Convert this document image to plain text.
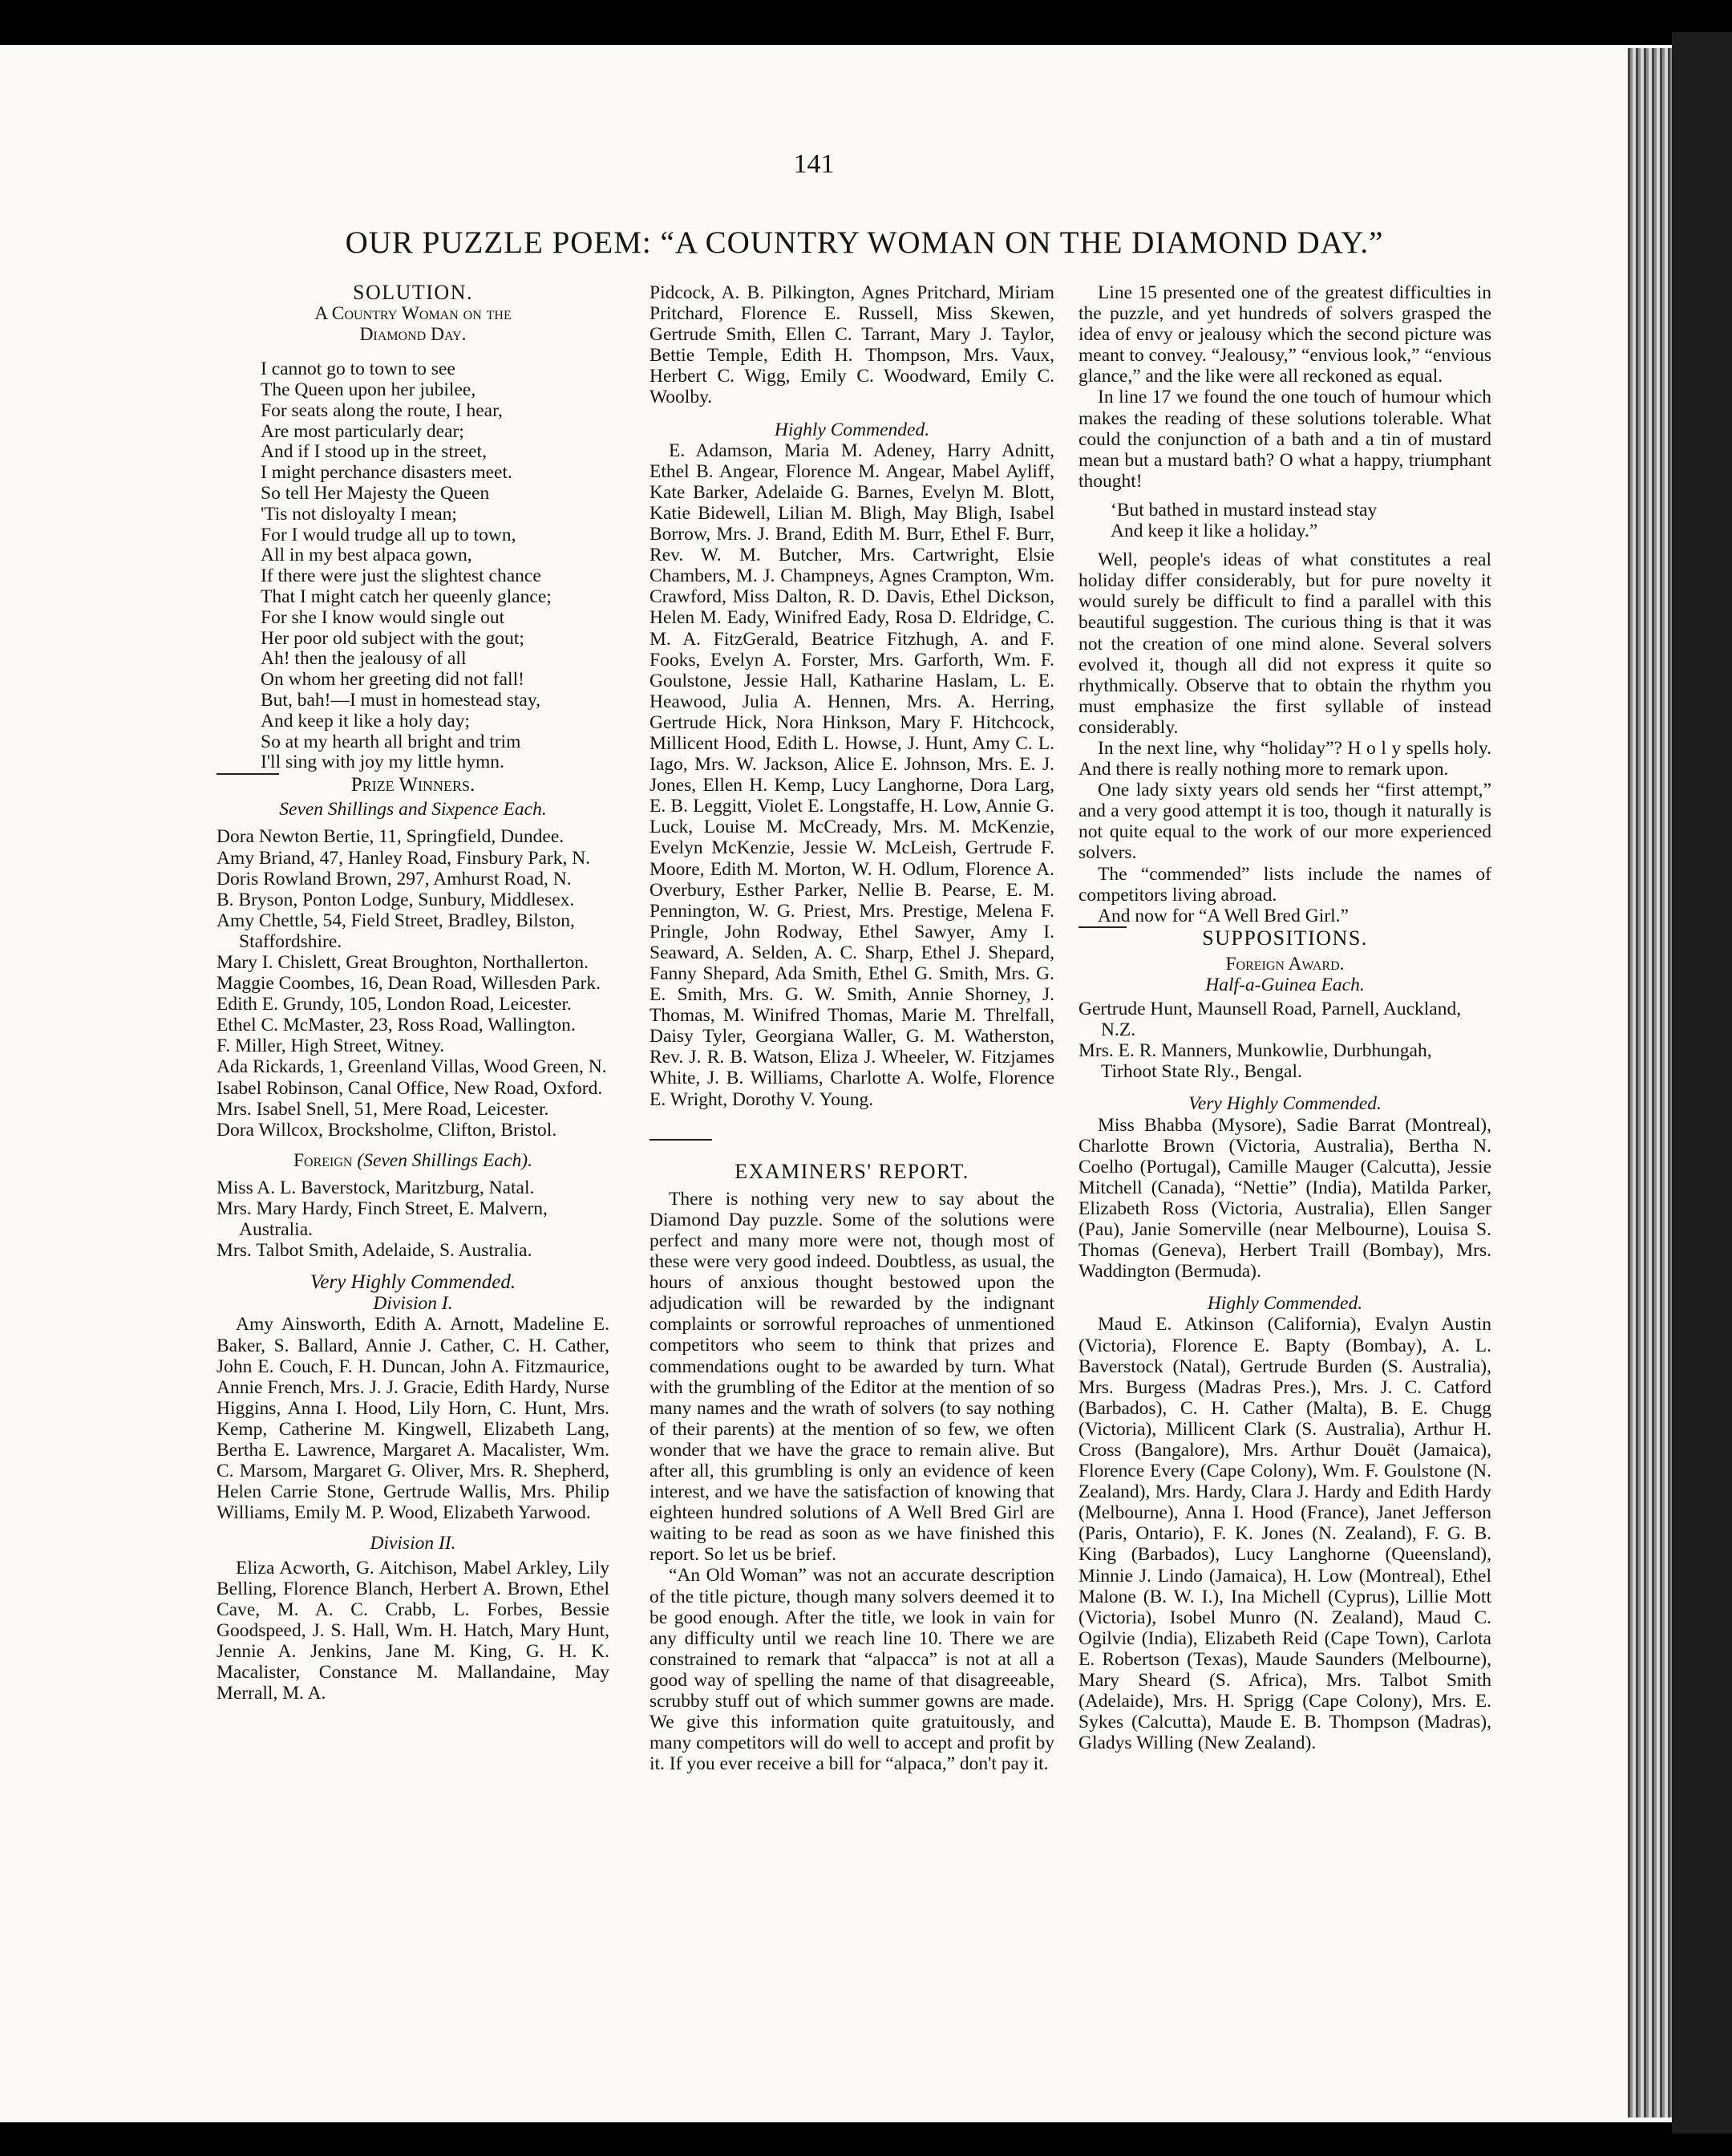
141
OUR PUZZLE POEM: “A COUNTRY WOMAN ON THE DIAMOND DAY.”
SOLUTION.
A Country Woman on the
Diamond Day.
I cannot go to town to see
The Queen upon her jubilee,
For seats along the route, I hear,
Are most particularly dear;
And if I stood up in the street,
I might perchance disasters meet.
So tell Her Majesty the Queen
'Tis not disloyalty I mean;
For I would trudge all up to town,
All in my best alpaca gown,
If there were just the slightest chance
That I might catch her queenly glance;
For she I know would single out
Her poor old subject with the gout;
Ah! then the jealousy of all
On whom her greeting did not fall!
But, bah!—I must in homestead stay,
And keep it like a holy day;
So at my hearth all bright and trim
I'll sing with joy my little hymn.
Prize Winners.
Seven Shillings and Sixpence Each.
Dora Newton Bertie, 11, Springfield, Dundee.
Amy Briand, 47, Hanley Road, Finsbury Park, N.
Doris Rowland Brown, 297, Amhurst Road, N.
B. Bryson, Ponton Lodge, Sunbury, Middlesex.
Amy Chettle, 54, Field Street, Bradley, Bilston, Staffordshire.
Mary I. Chislett, Great Broughton, Northallerton.
Maggie Coombes, 16, Dean Road, Willesden Park.
Edith E. Grundy, 105, London Road, Leicester.
Ethel C. McMaster, 23, Ross Road, Wallington.
F. Miller, High Street, Witney.
Ada Rickards, 1, Greenland Villas, Wood Green, N.
Isabel Robinson, Canal Office, New Road, Oxford.
Mrs. Isabel Snell, 51, Mere Road, Leicester.
Dora Willcox, Brocksholme, Clifton, Bristol.
Foreign (Seven Shillings Each).
Miss A. L. Baverstock, Maritzburg, Natal.
Mrs. Mary Hardy, Finch Street, E. Malvern, Australia.
Mrs. Talbot Smith, Adelaide, S. Australia.
Very Highly Commended.
Division I.

Amy Ainsworth, Edith A. Arnott, Madeline E. Baker, S. Ballard, Annie J. Cather, C. H. Cather, John E. Couch, F. H. Duncan, John A. Fitzmaurice, Annie French, Mrs. J. J. Gracie, Edith Hardy, Nurse Higgins, Anna I. Hood, Lily Horn, C. Hunt, Mrs. Kemp, Catherine M. Kingwell, Elizabeth Lang, Bertha E. Lawrence, Margaret A. Macalister, Wm. C. Marsom, Margaret G. Oliver, Mrs. R. Shepherd, Helen Carrie Stone, Gertrude Wallis, Mrs. Philip Williams, Emily M. P. Wood, Elizabeth Yarwood.

Division II.

Eliza Acworth, G. Aitchison, Mabel Arkley, Lily Belling, Florence Blanch, Herbert A. Brown, Ethel Cave, M. A. C. Crabb, L. Forbes, Bessie Goodspeed, J. S. Hall, Wm. H. Hatch, Mary Hunt, Jennie A. Jenkins, Jane M. King, G. H. K. Macalister, Constance M. Mallandaine, May Merrall, M. A.

Pidcock, A. B. Pilkington, Agnes Pritchard, Miriam Pritchard, Florence E. Russell, Miss Skewen, Gertrude Smith, Ellen C. Tarrant, Mary J. Taylor, Bettie Temple, Edith H. Thompson, Mrs. Vaux, Herbert C. Wigg, Emily C. Woodward, Emily C. Woolby.

Highly Commended.

E. Adamson, Maria M. Adeney, Harry Adnitt, Ethel B. Angear, Florence M. Angear, Mabel Ayliff, Kate Barker, Adelaide G. Barnes, Evelyn M. Blott, Katie Bidewell, Lilian M. Bligh, May Bligh, Isabel Borrow, Mrs. J. Brand, Edith M. Burr, Ethel F. Burr, Rev. W. M. Butcher, Mrs. Cartwright, Elsie Chambers, M. J. Champneys, Agnes Crampton, Wm. Crawford, Miss Dalton, R. D. Davis, Ethel Dickson, Helen M. Eady, Winifred Eady, Rosa D. Eldridge, C. M. A. FitzGerald, Beatrice Fitzhugh, A. and F. Fooks, Evelyn A. Forster, Mrs. Garforth, Wm. F. Goulstone, Jessie Hall, Katharine Haslam, L. E. Heawood, Julia A. Hennen, Mrs. A. Herring, Gertrude Hick, Nora Hinkson, Mary F. Hitchcock, Millicent Hood, Edith L. Howse, J. Hunt, Amy C. L. Iago, Mrs. W. Jackson, Alice E. Johnson, Mrs. E. J. Jones, Ellen H. Kemp, Lucy Langhorne, Dora Larg, E. B. Leggitt, Violet E. Longstaffe, H. Low, Annie G. Luck, Louise M. McCready, Mrs. M. McKenzie, Evelyn McKenzie, Jessie W. McLeish, Gertrude F. Moore, Edith M. Morton, W. H. Odlum, Florence A. Overbury, Esther Parker, Nellie B. Pearse, E. M. Pennington, W. G. Priest, Mrs. Prestige, Melena F. Pringle, John Rodway, Ethel Sawyer, Amy I. Seaward, A. Selden, A. C. Sharp, Ethel J. Shepard, Fanny Shepard, Ada Smith, Ethel G. Smith, Mrs. G. E. Smith, Mrs. G. W. Smith, Annie Shorney, J. Thomas, M. Winifred Thomas, Marie M. Threlfall, Daisy Tyler, Georgiana Waller, G. M. Watherston, Rev. J. R. B. Watson, Eliza J. Wheeler, W. Fitzjames White, J. B. Williams, Charlotte A. Wolfe, Florence E. Wright, Dorothy V. Young.

EXAMINERS' REPORT.

There is nothing very new to say about the Diamond Day puzzle. Some of the solutions were perfect and many more were not, though most of these were very good indeed. Doubtless, as usual, the hours of anxious thought bestowed upon the adjudication will be rewarded by the indignant complaints or sorrowful reproaches of unmentioned competitors who seem to think that prizes and commendations ought to be awarded by turn. What with the grumbling of the Editor at the mention of so many names and the wrath of solvers (to say nothing of their parents) at the mention of so few, we often wonder that we have the grace to remain alive. But after all, this grumbling is only an evidence of keen interest, and we have the satisfaction of knowing that eighteen hundred solutions of A Well Bred Girl are waiting to be read as soon as we have finished this report. So let us be brief.

“An Old Woman” was not an accurate description of the title picture, though many solvers deemed it to be good enough. After the title, we look in vain for any difficulty until we reach line 10. There we are constrained to remark that “alpacca” is not at all a good way of spelling the name of that disagreeable, scrubby stuff out of which summer gowns are made. We give this information quite gratuitously, and many competitors will do well to accept and profit by it. If you ever receive a bill for “alpaca,” don't pay it.

Line 15 presented one of the greatest difficulties in the puzzle, and yet hundreds of solvers grasped the idea of envy or jealousy which the second picture was meant to convey. “Jealousy,” “envious look,” “envious glance,” and the like were all reckoned as equal.

In line 17 we found the one touch of humour which makes the reading of these solutions tolerable. What could the conjunction of a bath and a tin of mustard mean but a mustard bath? O what a happy, triumphant thought!

‘But bathed in mustard instead stay
And keep it like a holiday.”

Well, people's ideas of what constitutes a real holiday differ considerably, but for pure novelty it would surely be difficult to find a parallel with this beautiful suggestion. The curious thing is that it was not the creation of one mind alone. Several solvers evolved it, though all did not express it quite so rhythmically. Observe that to obtain the rhythm you must emphasize the first syllable of instead considerably.

In the next line, why “holiday”? H o l y spells holy. And there is really nothing more to remark upon.

One lady sixty years old sends her “first attempt,” and a very good attempt it is too, though it naturally is not quite equal to the work of our more experienced solvers.

The “commended” lists include the names of competitors living abroad.

And now for “A Well Bred Girl.”

SUPPOSITIONS.
Foreign Award.
Half-a-Guinea Each.
Gertrude Hunt, Maunsell Road, Parnell, Auckland, N.Z.
Mrs. E. R. Manners, Munkowlie, Durbhungah, Tirhoot State Rly., Bengal.
Very Highly Commended.

Miss Bhabba (Mysore), Sadie Barrat (Montreal), Charlotte Brown (Victoria, Australia), Bertha N. Coelho (Portugal), Camille Mauger (Calcutta), Jessie Mitchell (Canada), “Nettie” (India), Matilda Parker, Elizabeth Ross (Victoria, Australia), Ellen Sanger (Pau), Janie Somerville (near Melbourne), Louisa S. Thomas (Geneva), Herbert Traill (Bombay), Mrs. Waddington (Bermuda).

Highly Commended.

Maud E. Atkinson (California), Evalyn Austin (Victoria), Florence E. Bapty (Bombay), A. L. Baverstock (Natal), Gertrude Burden (S. Australia), Mrs. Burgess (Madras Pres.), Mrs. J. C. Catford (Barbados), C. H. Cather (Malta), B. E. Chugg (Victoria), Millicent Clark (S. Australia), Arthur H. Cross (Bangalore), Mrs. Arthur Douët (Jamaica), Florence Every (Cape Colony), Wm. F. Goulstone (N. Zealand), Mrs. Hardy, Clara J. Hardy and Edith Hardy (Melbourne), Anna I. Hood (France), Janet Jefferson (Paris, Ontario), F. K. Jones (N. Zealand), F. G. B. King (Barbados), Lucy Langhorne (Queensland), Minnie J. Lindo (Jamaica), H. Low (Montreal), Ethel Malone (B. W. I.), Ina Michell (Cyprus), Lillie Mott (Victoria), Isobel Munro (N. Zealand), Maud C. Ogilvie (India), Elizabeth Reid (Cape Town), Carlota E. Robertson (Texas), Maude Saunders (Melbourne), Mary Sheard (S. Africa), Mrs. Talbot Smith (Adelaide), Mrs. H. Sprigg (Cape Colony), Mrs. E. Sykes (Calcutta), Maude E. B. Thompson (Madras), Gladys Willing (New Zealand).
